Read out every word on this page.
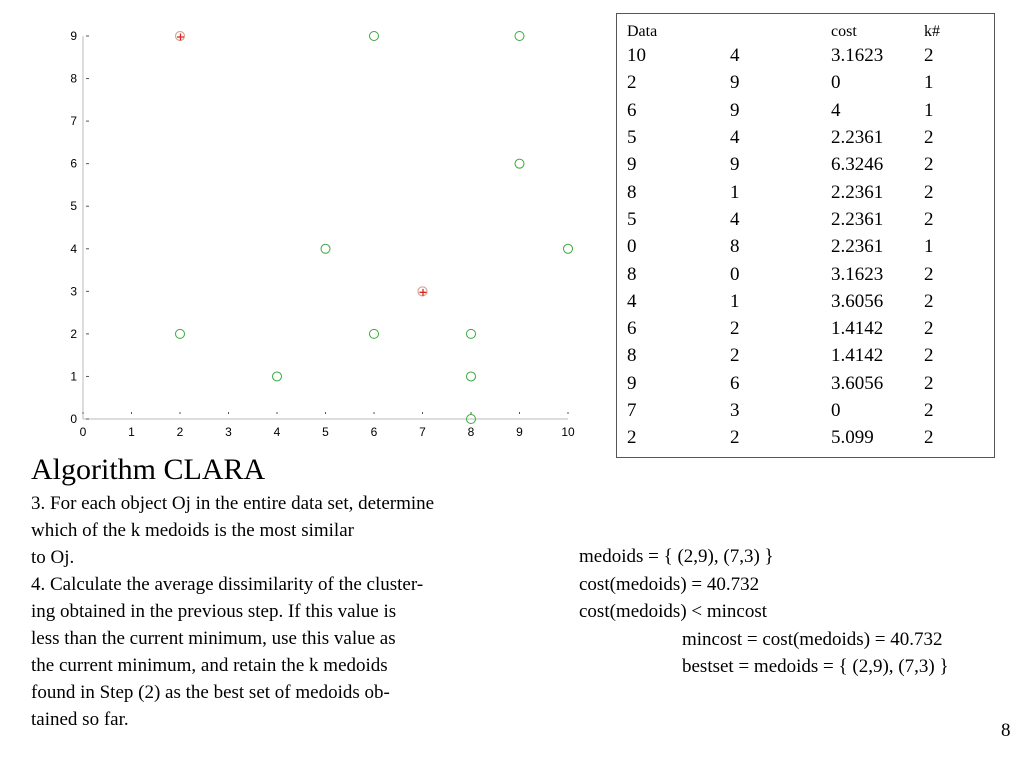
0	1	2	3	4	5	6	7	8	9	10
0
1
2
3
4
5
6
7
8
9	Data		cost	k#
10	4	3.1623	2
2	9	0	1
6	9	4	1
5	4	2.2361	2
9	9	6.3246	2
8	1	2.2361	2
5	4	2.2361	2
0	8	2.2361	1
8	0	3.1623	2
4	1	3.6056	2
6	2	1.4142	2
8	2	1.4142	2
9	6	3.6056	2
7	3	0	2
2	2	5.099	2
Algorithm CLARA
3. For each object Oj in the entire data set, determine
which of the k medoids is the most similar
to Oj.
4. Calculate the average dissimilarity of the cluster-
ing obtained in the previous step. If this value is
less than the current minimum, use this value as
the current minimum, and retain the k medoids
found in Step (2) as the best set of medoids ob-
tained so far.
medoids = { (2,9), (7,3) }
cost(medoids) = 40.732
cost(medoids) < mincost
mincost = cost(medoids) = 40.732
bestset = medoids = { (2,9), (7,3) }
8
